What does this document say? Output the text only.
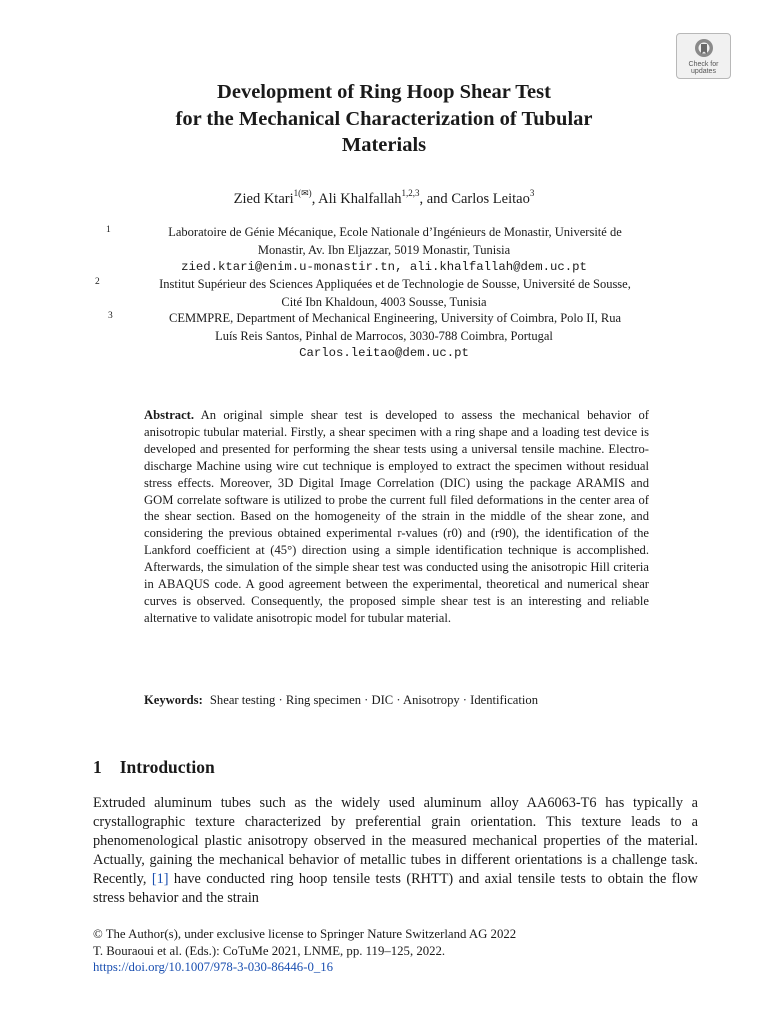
Check for
updates
Development of Ring Hoop Shear Test
for the Mechanical Characterization of Tubular
Materials
Zied Ktari$^{1(✉)}$, Ali Khalfallah$^{1,2,3}$, and Carlos Leitao$^3$
1	Laboratoire de Génie Mécanique, Ecole Nationale d’Ingénieurs de Monastir, Université de
Monastir, Av. Ibn Eljazzar, 5019 Monastir, Tunisia
zied.ktari@enim.u-monastir.tn, ali.khalfallah@dem.uc.pt
2	Institut Supérieur des Sciences Appliquées et de Technologie de Sousse, Université de Sousse,
Cité Ibn Khaldoun, 4003 Sousse, Tunisia
3	CEMMPRE, Department of Mechanical Engineering, University of Coimbra, Polo II, Rua
Luís Reis Santos, Pinhal de Marrocos, 3030-788 Coimbra, Portugal
Carlos.leitao@dem.uc.pt
Abstract. An original simple shear test is developed to assess the mechanical behavior of anisotropic tubular material. Firstly, a shear specimen with a ring shape and a loading test device is developed and presented for performing the shear tests using a universal tensile machine. Electro-discharge Machine using wire cut technique is employed to extract the specimen without residual stress effects. Moreover, 3D Digital Image Correlation (DIC) using the package ARAMIS and GOM correlate software is utilized to probe the current full filed deformations in the center area of the shear section. Based on the homogeneity of the strain in the middle of the shear zone, and considering the previous obtained experimental r-values (r0) and (r90), the identification of the Lankford coefficient at (45°) direction using a simple identification technique is accomplished. Afterwards, the simulation of the simple shear test was conducted using the anisotropic Hill criteria in ABAQUS code. A good agreement between the experimental, theoretical and numerical shear curves is observed. Consequently, the proposed simple shear test is an interesting and reliable alternative to validate anisotropic model for tubular material.
Keywords: Shear testing · Ring specimen · DIC · Anisotropy · Identification
1 Introduction
Extruded aluminum tubes such as the widely used aluminum alloy AA6063-T6 has typically a crystallographic texture characterized by preferential grain orientation. This texture leads to a phenomenological plastic anisotropy observed in the measured mechanical properties of the material. Actually, gaining the mechanical behavior of metallic tubes in different orientations is a challenge task. Recently, [1] have conducted ring hoop tensile tests (RHTT) and axial tensile tests to obtain the flow stress behavior and the strain
© The Author(s), under exclusive license to Springer Nature Switzerland AG 2022
T. Bouraoui et al. (Eds.): CoTuMe 2021, LNME, pp. 119–125, 2022.
https://doi.org/10.1007/978-3-030-86446-0_16
